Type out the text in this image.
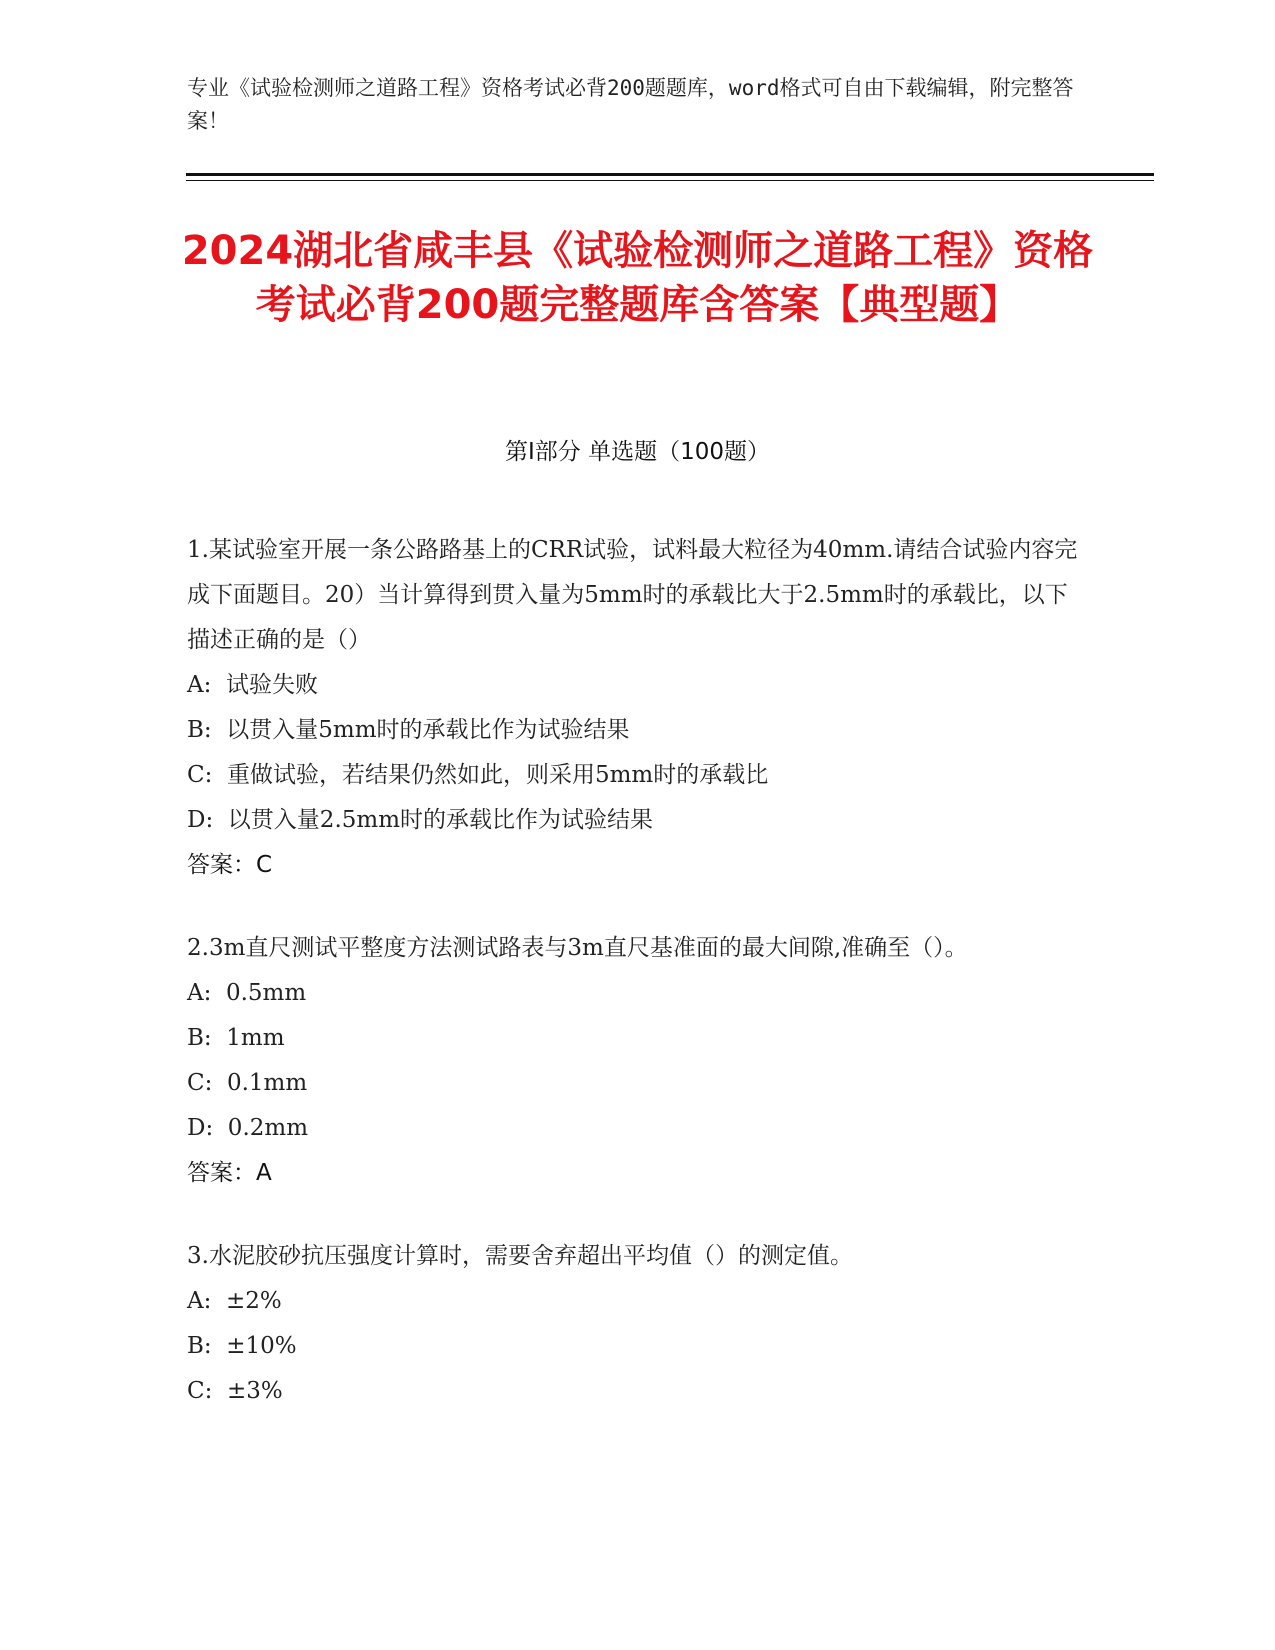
专业《试验检测师之道路工程》资格考试必背200题题库，word格式可自由下载编辑，附完整答案！
2024湖北省咸丰县《试验检测师之道路工程》资格考试必背200题完整题库含答案【典型题】
第I部分 单选题（100题）
1.某试验室开展一条公路路基上的CRR试验，试料最大粒径为40mm.请结合试验内容完成下面题目。20）当计算得到贯入量为5mm时的承载比大于2.5mm时的承载比，以下描述正确的是（）
A:  试验失败
B:  以贯入量5mm时的承载比作为试验结果
C:  重做试验，若结果仍然如此，则采用5mm时的承载比
D:  以贯入量2.5mm时的承载比作为试验结果
答案：C
2.3m直尺测试平整度方法测试路表与3m直尺基准面的最大间隙,准确至（）。
A:  0.5mm
B:  1mm
C:  0.1mm
D:  0.2mm
答案：A
3.水泥胶砂抗压强度计算时，需要舍弃超出平均值（）的测定值。
A:  ±2%
B:  ±10%
C:  ±3%
